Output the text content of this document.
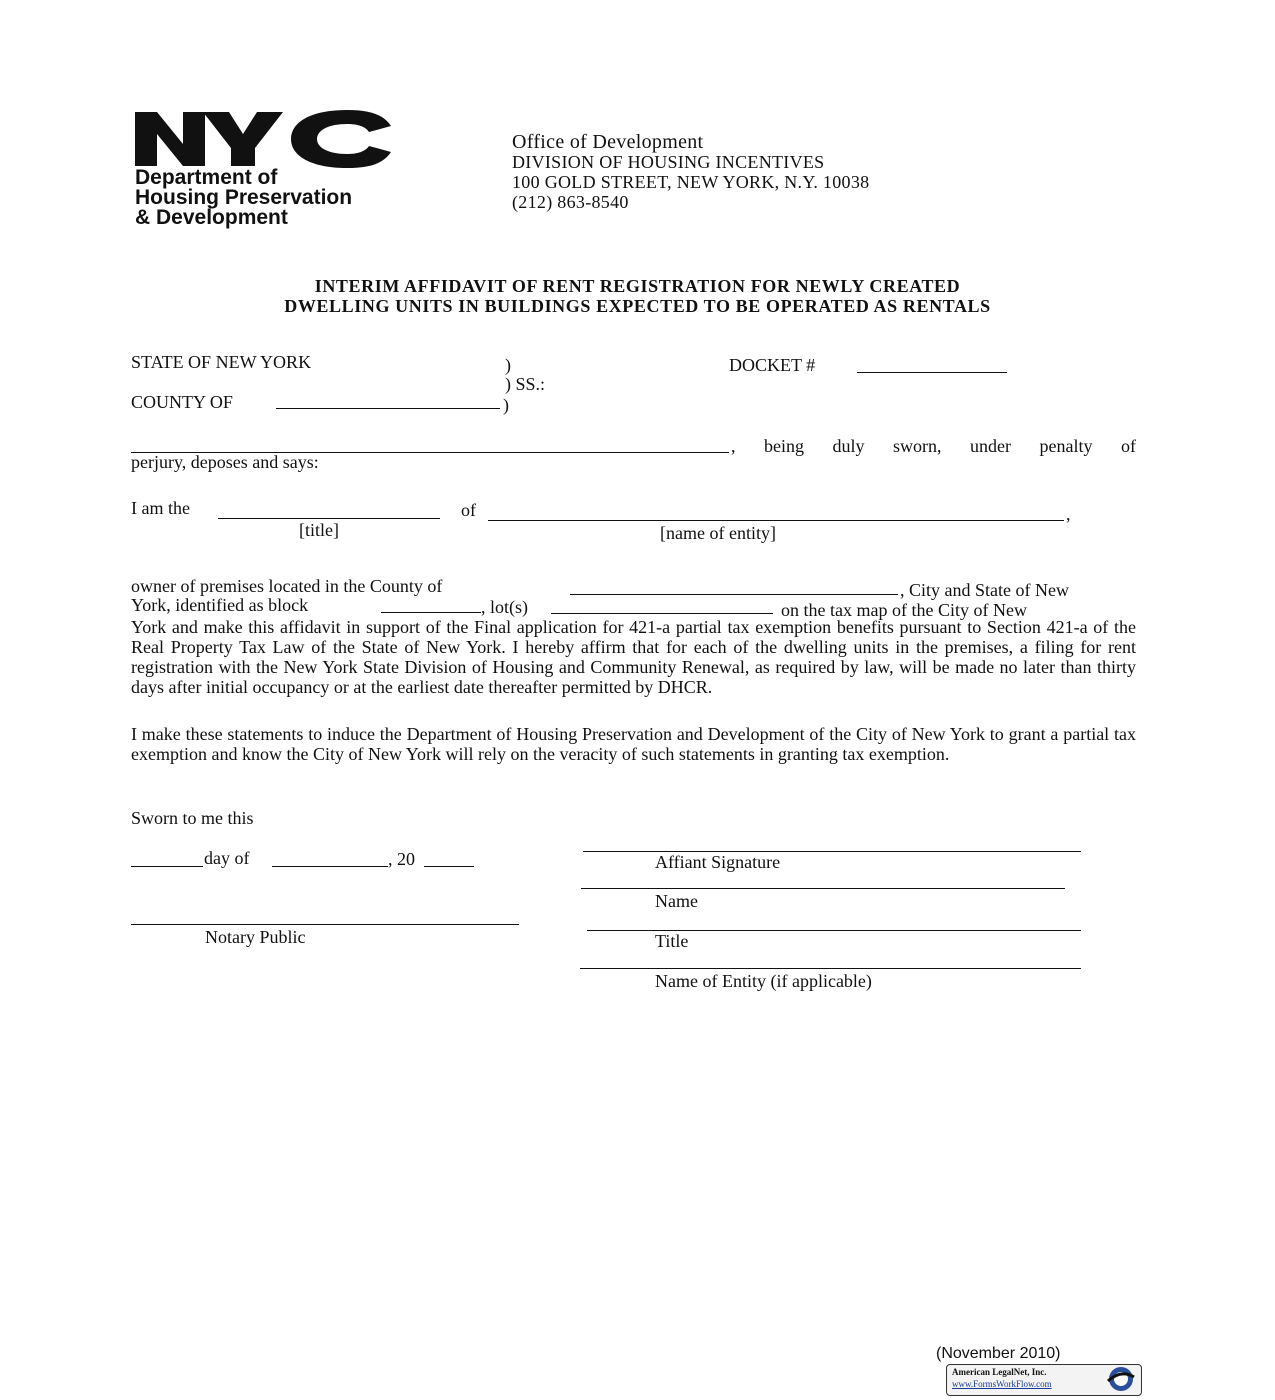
Department of
Housing Preservation
& Development
Office of Development
DIVISION OF HOUSING INCENTIVES
100 GOLD STREET, NEW YORK, N.Y. 10038
(212) 863-8540
INTERIM AFFIDAVIT OF RENT REGISTRATION FOR NEWLY CREATED
DWELLING UNITS IN BUILDINGS EXPECTED TO BE OPERATED AS RENTALS
STATE OF NEW YORK	)
) SS.:
COUNTY OF	)
DOCKET #
, being duly sworn, under penalty of
perjury, deposes and says:
I am the	of	,
[title]	[name of entity]
owner of premises located in the County of	, City and State of New
York, identified as block	, lot(s)	on the tax map of the City of New
York and make this affidavit in support of the Final application for 421-a partial tax exemption benefits pursuant to Section 421-a of the Real Property Tax Law of the State of New York. I hereby affirm that for each of the dwelling units in the premises, a filing for rent registration with the New York State Division of Housing and Community Renewal, as required by law, will be made no later than thirty days after initial occupancy or at the earliest date thereafter permitted by DHCR.
I make these statements to induce the Department of Housing Preservation and Development of the City of New York to grant a partial tax exemption and know the City of New York will rely on the veracity of such statements in granting tax exemption.
Sworn to me this
day of	, 20
Notary Public
Affiant Signature
Name
Title
Name of Entity (if applicable)
(November 2010)
American LegalNet, Inc.
www.FormsWorkFlow.com
